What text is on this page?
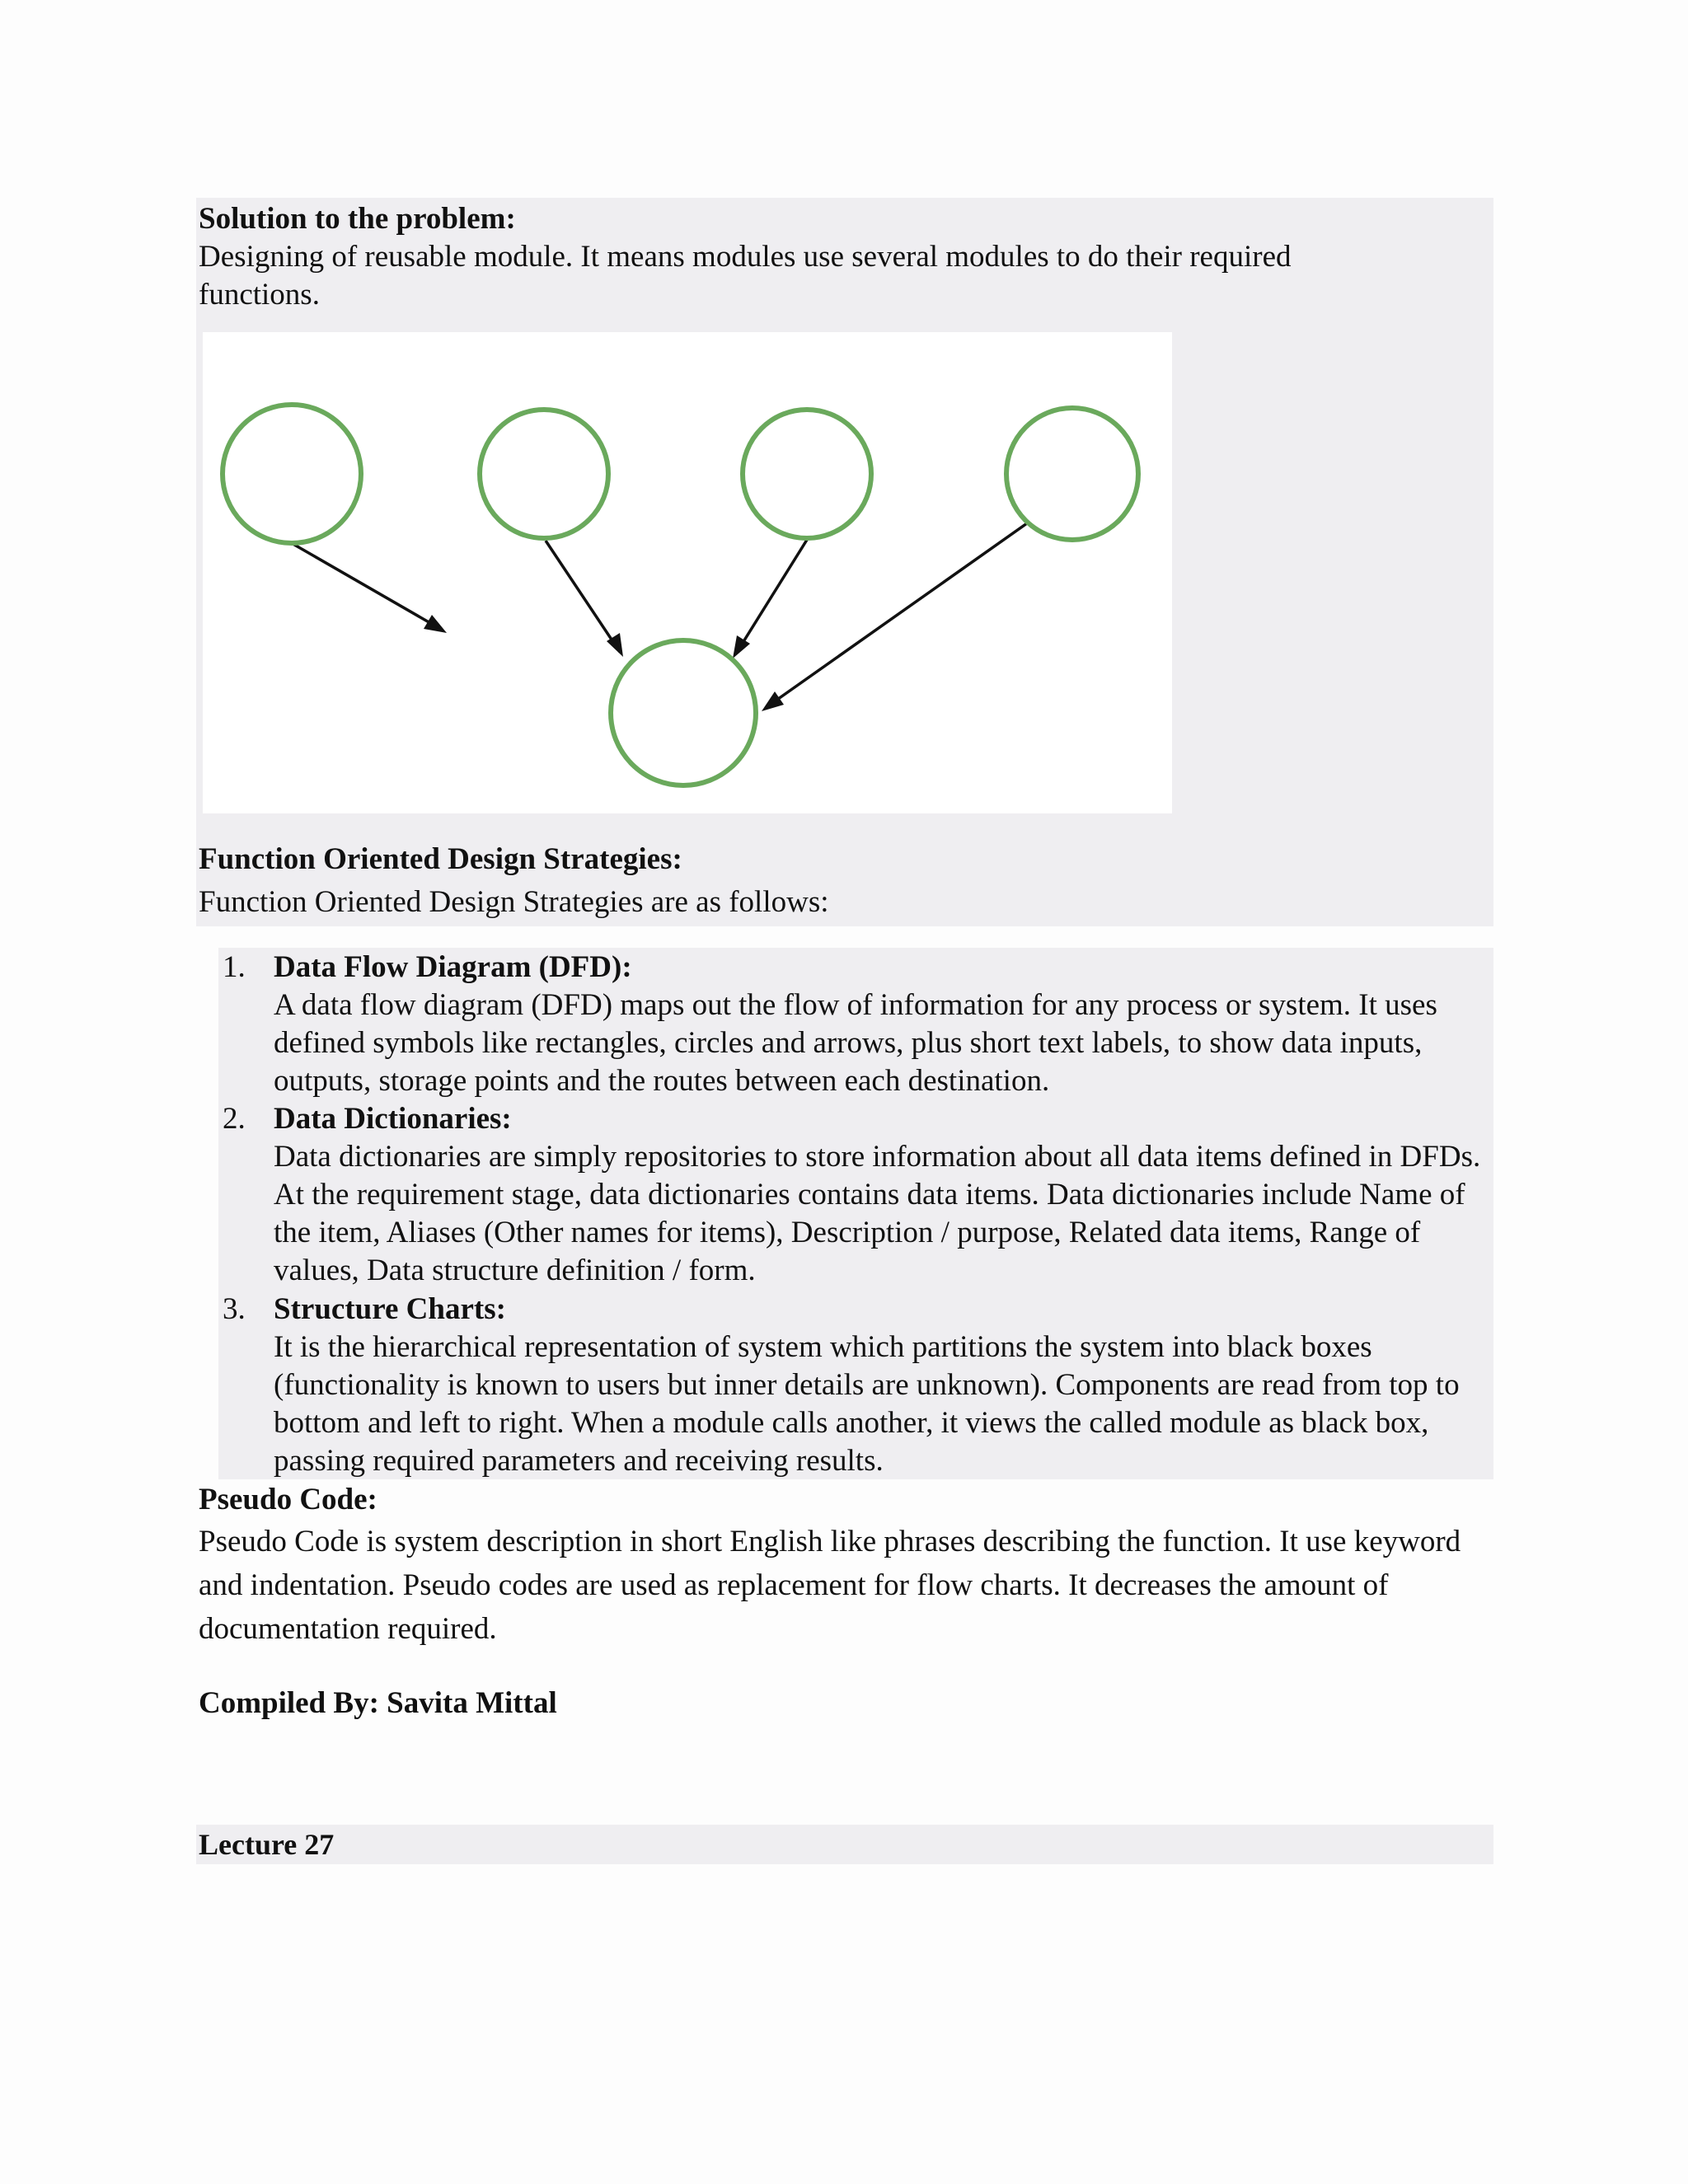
Solution to the problem:
Designing of reusable module. It means modules use several modules to do their required functions.
Function Oriented Design Strategies:
Function Oriented Design Strategies are as follows:
1. Data Flow Diagram (DFD):
A data flow diagram (DFD) maps out the flow of information for any process or system. It uses defined symbols like rectangles, circles and arrows, plus short text labels, to show data inputs, outputs, storage points and the routes between each destination.
2. Data Dictionaries:
Data dictionaries are simply repositories to store information about all data items defined in DFDs. At the requirement stage, data dictionaries contains data items. Data dictionaries include Name of the item, Aliases (Other names for items), Description / purpose, Related data items, Range of values, Data structure definition / form.
3. Structure Charts:
It is the hierarchical representation of system which partitions the system into black boxes (functionality is known to users but inner details are unknown). Components are read from top to bottom and left to right. When a module calls another, it views the called module as black box, passing required parameters and receiving results.
Pseudo Code:
Pseudo Code is system description in short English like phrases describing the function. It use keyword and indentation. Pseudo codes are used as replacement for flow charts. It decreases the amount of documentation required.
Compiled By: Savita Mittal
Lecture 27
